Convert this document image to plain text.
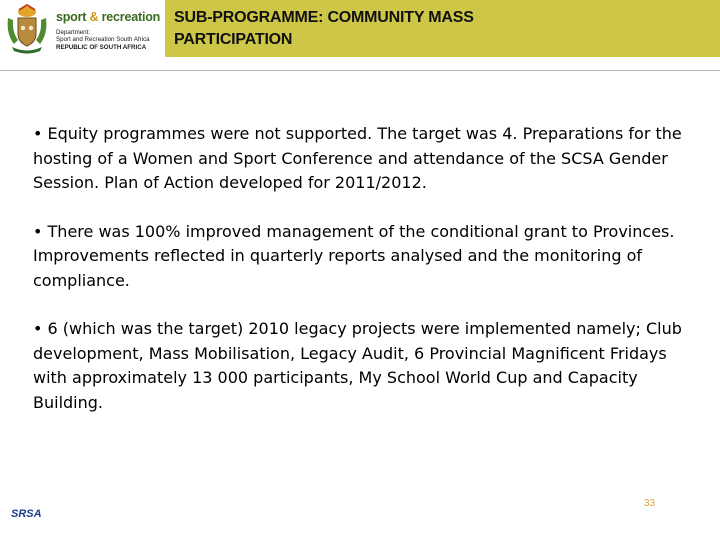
sport & recreation
Department:
Sport and Recreation South Africa
REPUBLIC OF SOUTH AFRICA
SUB-PROGRAMME: COMMUNITY MASS
PARTICIPATION

• Equity programmes were not supported. The target was 4. Preparations for the hosting of a Women and Sport Conference and attendance of the SCSA Gender Session. Plan of Action developed for 2011/2012.

• There was 100% improved management of the conditional grant to Provinces. Improvements reflected in quarterly reports analysed and the monitoring of compliance.

• 6 (which was the target) 2010 legacy projects were implemented namely; Club development, Mass Mobilisation, Legacy Audit, 6 Provincial Magnificent Fridays with approximately 13 000 participants, My School World Cup and Capacity Building.

SRSA
33
